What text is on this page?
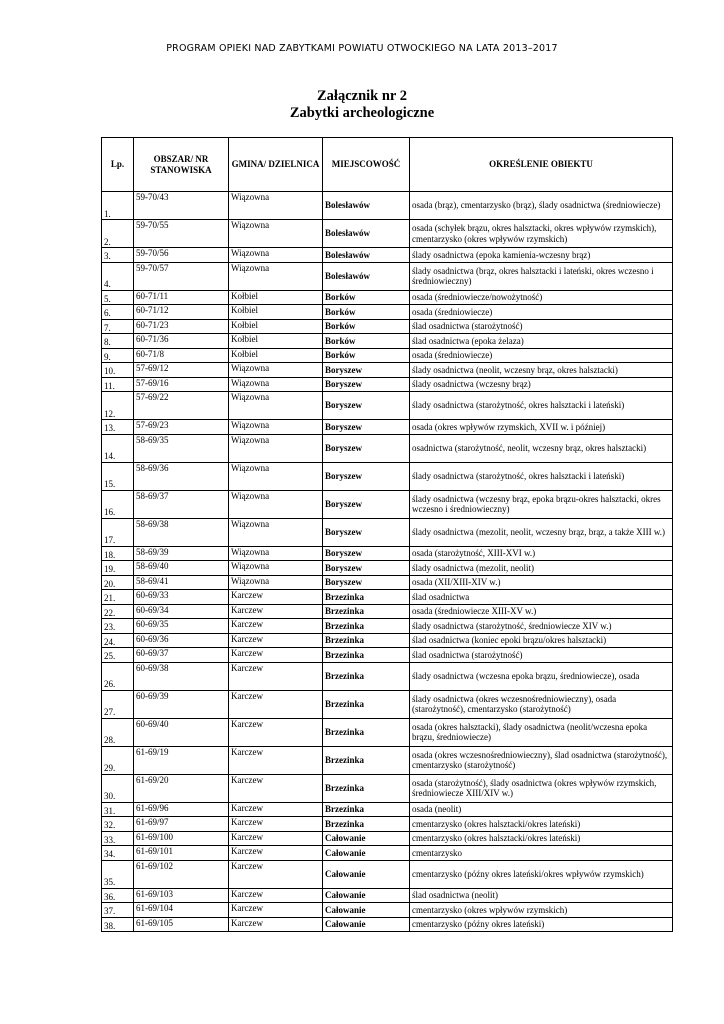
PROGRAM OPIEKI NAD ZABYTKAMI POWIATU OTWOCKIEGO NA LATA 2013–2017
Załącznik nr 2
Zabytki archeologiczne
Lp.	OBSZAR/ NR STANOWISKA	GMINA/ DZIELNICA	MIEJSCOWOŚĆ	OKREŚLENIE OBIEKTU
1.	59-70/43	Wiązowna	Bolesławów	osada (brąz), cmentarzysko (brąz), ślady osadnictwa (średniowiecze)
2.	59-70/55	Wiązowna	Bolesławów	osada (schyłek brązu, okres halsztacki, okres wpływów rzymskich), cmentarzysko (okres wpływów rzymskich)
3.	59-70/56	Wiązowna	Bolesławów	ślady osadnictwa (epoka kamienia-wczesny brąz)
4.	59-70/57	Wiązowna	Bolesławów	ślady osadnictwa (brąz, okres halsztacki i lateński, okres wczesno i średniowieczny)
5.	60-71/11	Kołbiel	Borków	osada (średniowiecze/nowożytność)
6.	60-71/12	Kołbiel	Borków	osada (średniowiecze)
7.	60-71/23	Kołbiel	Borków	ślad osadnictwa (starożytność)
8.	60-71/36	Kołbiel	Borków	ślad osadnictwa (epoka żelaza)
9.	60-71/8	Kołbiel	Borków	osada (średniowiecze)
10.	57-69/12	Wiązowna	Boryszew	ślady osadnictwa (neolit, wczesny brąz, okres halsztacki)
11.	57-69/16	Wiązowna	Boryszew	ślady osadnictwa (wczesny brąz)
12.	57-69/22	Wiązowna	Boryszew	ślady osadnictwa (starożytność, okres halsztacki i lateński)
13.	57-69/23	Wiązowna	Boryszew	osada (okres wpływów rzymskich, XVII w. i później)
14.	58-69/35	Wiązowna	Boryszew	osadnictwa (starożytność, neolit, wczesny brąz, okres halsztacki)
15.	58-69/36	Wiązowna	Boryszew	ślady osadnictwa (starożytność, okres halsztacki i lateński)
16.	58-69/37	Wiązowna	Boryszew	ślady osadnictwa (wczesny brąz, epoka brązu-okres halsztacki, okres wczesno i średniowieczny)
17.	58-69/38	Wiązowna	Boryszew	ślady osadnictwa (mezolit, neolit, wczesny brąz, brąz, a także XIII w.)
18.	58-69/39	Wiązowna	Boryszew	osada (starożytność, XIII-XVI w.)
19.	58-69/40	Wiązowna	Boryszew	ślady osadnictwa (mezolit, neolit)
20.	58-69/41	Wiązowna	Boryszew	osada (XII/XIII-XIV w.)
21.	60-69/33	Karczew	Brzezinka	ślad osadnictwa
22.	60-69/34	Karczew	Brzezinka	osada (średniowiecze XIII-XV w.)
23.	60-69/35	Karczew	Brzezinka	ślady osadnictwa (starożytność, średniowiecze XIV w.)
24.	60-69/36	Karczew	Brzezinka	ślad osadnictwa (koniec epoki brązu/okres halsztacki)
25.	60-69/37	Karczew	Brzezinka	ślad osadnictwa (starożytność)
26.	60-69/38	Karczew	Brzezinka	ślady osadnictwa (wczesna epoka brązu, średniowiecze), osada
27.	60-69/39	Karczew	Brzezinka	ślady osadnictwa (okres wczesnośredniowieczny), osada (starożytność), cmentarzysko (starożytność)
28.	60-69/40	Karczew	Brzezinka	osada (okres halsztacki), ślady osadnictwa (neolit/wczesna epoka brązu, średniowiecze)
29.	61-69/19	Karczew	Brzezinka	osada (okres wczesnośredniowieczny), ślad osadnictwa (starożytność), cmentarzysko (starożytność)
30.	61-69/20	Karczew	Brzezinka	osada (starożytność), ślady osadnictwa (okres wpływów rzymskich, średniowiecze XIII/XIV w.)
31.	61-69/96	Karczew	Brzezinka	osada (neolit)
32.	61-69/97	Karczew	Brzezinka	cmentarzysko (okres halsztacki/okres lateński)
33.	61-69/100	Karczew	Całowanie	cmentarzysko (okres halsztacki/okres lateński)
34.	61-69/101	Karczew	Całowanie	cmentarzysko
35.	61-69/102	Karczew	Całowanie	cmentarzysko (późny okres lateński/okres wpływów rzymskich)
36.	61-69/103	Karczew	Całowanie	ślad osadnictwa (neolit)
37.	61-69/104	Karczew	Całowanie	cmentarzysko (okres wpływów rzymskich)
38.	61-69/105	Karczew	Całowanie	cmentarzysko (późny okres lateński)
